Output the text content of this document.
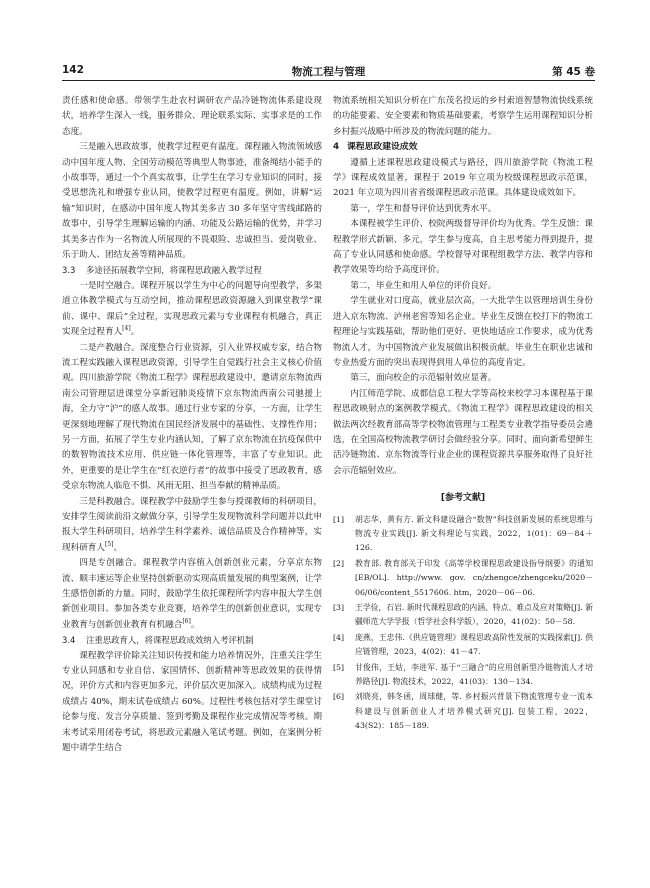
142	物流工程与管理	第 45 卷

责任感和使命感。带领学生赴农村调研农产品冷链物流体系建设现状，培养学生深入一线，服务群众、理论联系实际、实事求是的工作态度。

三是融入思政故事，使教学过程更有温度。课程融入物流领域感动中国年度人物、全国劳动模范等典型人物事迹，准备绳结小能手的小故事等，通过一个个真实故事，让学生在学习专业知识的同时，接受思想洗礼和增强专业认同，使教学过程更有温度。例如，讲解“运输”知识时，在感动中国年度人物其美多吉 30 多年坚守雪线邮路的故事中，引导学生理解运输的内涵、功能及公路运输的优势，并学习其美多吉作为一名物流人所展现的不畏艰险、忠诚担当、爱岗敬业、乐于助人、团结友善等精神品质。

3.3 多途径拓展教学空间，将课程思政融入教学过程

一是时空融合。课程开展以学生为中心的问题导向型教学，多渠道立体教学模式与互动空间，推动课程思政资源融入到课堂教学“课前、课中、课后”全过程，实现思政元素与专业课程有机融合，真正实现全过程育人[4]。

二是产教融合。深度整合行业资源，引入业界权威专家，结合物流工程实践融入课程思政资源，引导学生自觉践行社会主义核心价值观。四川旅游学院《物流工程学》课程思政建设中，邀请京东物流西南公司管理层进课堂分享新冠肺炎疫情下京东物流西南公司驰援上海，全力守“沪”的感人故事。通过行业专家的分享，一方面，让学生更深刻地理解了现代物流在国民经济发展中的基础性、支撑性作用；另一方面，拓展了学生专业内涵认知，了解了京东物流在抗疫保供中的数智物流技术应用、供应链一体化管理等，丰富了专业知识。此外，更重要的是让学生在“红衣逆行者”的故事中接受了思政教育，感受京东物流人临危不惧、风雨无阻、担当奉献的精神品质。

三是科教融合。课程教学中鼓励学生参与授课教师的科研项目，安排学生阅读前沿文献做分享，引导学生发现物流科学问题并以此申报大学生科研项目，培养学生科学素养、诚信品质及合作精神等，实现科研育人[5]。

四是专创融合。课程教学内容植入创新创业元素，分享京东物流、顺丰速运等企业坚持创新驱动实现高质量发展的典型案例，让学生感悟创新的力量。同时，鼓励学生依托课程所学内容申报大学生创新创业项目、参加各类专业竞赛，培养学生的创新创业意识，实现专业教育与创新创业教育有机融合[6]。

3.4 注重思政育人，将课程思政成效纳入考评机制

课程教学评价除关注知识传授和能力培养情况外，注重关注学生专业认同感和专业自信、家国情怀、创新精神等思政效果的获得情况，评价方式和内容更加多元，评价层次更加深入。成绩构成为过程成绩占 40%，期末试卷成绩占 60%。过程性考核包括对学生课堂讨论参与度、发言分享质量、签到考勤及课程作业完成情况等考核。期末考试采用闭卷考试，将思政元素融入笔试考题。例如，在案例分析题中请学生结合

物流系统相关知识分析在广东茂名投运的乡村索道智慧物流快线系统的功能要素、安全要素和物质基础要素，考察学生运用课程知识分析乡村振兴战略中所涉及的物流问题的能力。

4 课程思政建设成效

遵循上述课程思政建设模式与路径，四川旅游学院《物流工程学》课程成效显著，课程于 2019 年立项为校级课程思政示范课，2021 年立项为四川省省级课程思政示范课。具体建设成效如下。

第一，学生和督导评价达到优秀水平。

本课程被学生评价、校院两级督导评价均为优秀。学生反馈：课程教学形式新颖、多元，学生参与度高，自主思考能力得到提升，提高了专业认同感和使命感。学校督导对课程组教学方法、教学内容和教学效果等均给予高度评价。

第二，毕业生和用人单位的评价良好。

学生就业对口度高，就业层次高，一大批学生以管理培训生身份进入京东物流、泸州老窖等知名企业。毕业生反馈在校打下的物流工程理论与实践基础，帮助他们更好、更快地适应工作要求，成为优秀物流人才，为中国物流产业发展做出积极贡献。毕业生在职业忠诚和专业热爱方面的突出表现得到用人单位的高度肯定。

第三，面向校企的示范辐射效应显著。

内江师范学院、成都信息工程大学等高校来校学习本课程基于课程思政映射点的案例教学模式。《物流工程学》课程思政建设的相关做法两次经教育部高等学校物流管理与工程类专业教学指导委员会遴选，在全国高校物流教学研讨会做经验分享。同时，面向新希望鲜生活冷链物流、京东物流等行业企业的课程资源共享服务取得了良好社会示范辐射效应。

[参考文献]

[1] 胡志华，黄有方. 新文科建设融合“数智”科技创新发展的系统思维与物流专业实践[J]. 新文科理论与实践，2022，1(01)：69－84＋126.

[2] 教育部. 教育部关于印发《高等学校课程思政建设指导纲要》的通知[EB/OL]. http://www. gov. cn/zhengce/zhengceku/2020－06/06/content_5517606. htm，2020－06－06.

[3] 王学俭，石岩. 新时代课程思政的内涵、特点、难点及应对策略[J]. 新疆师范大学学报（哲学社会科学版），2020，41(02)：50－58.

[4] 庞燕，王忠伟.《供应链管理》课程思政高阶性发展的实践探索[J]. 供应链管理，2023，4(02)：41－47.

[5] 甘俊伟，王姑，李进军. 基于“三融合”的应用创新型冷链物流人才培养路径[J]. 物流技术，2022，41(03)：130－134.

[6] 刘晓亮，韩冬函，周球健，等. 乡村振兴背景下物流管理专业一流本科建设与创新创业人才培养模式研究[J]. 包装工程，2022，43(S2)：185－189.
